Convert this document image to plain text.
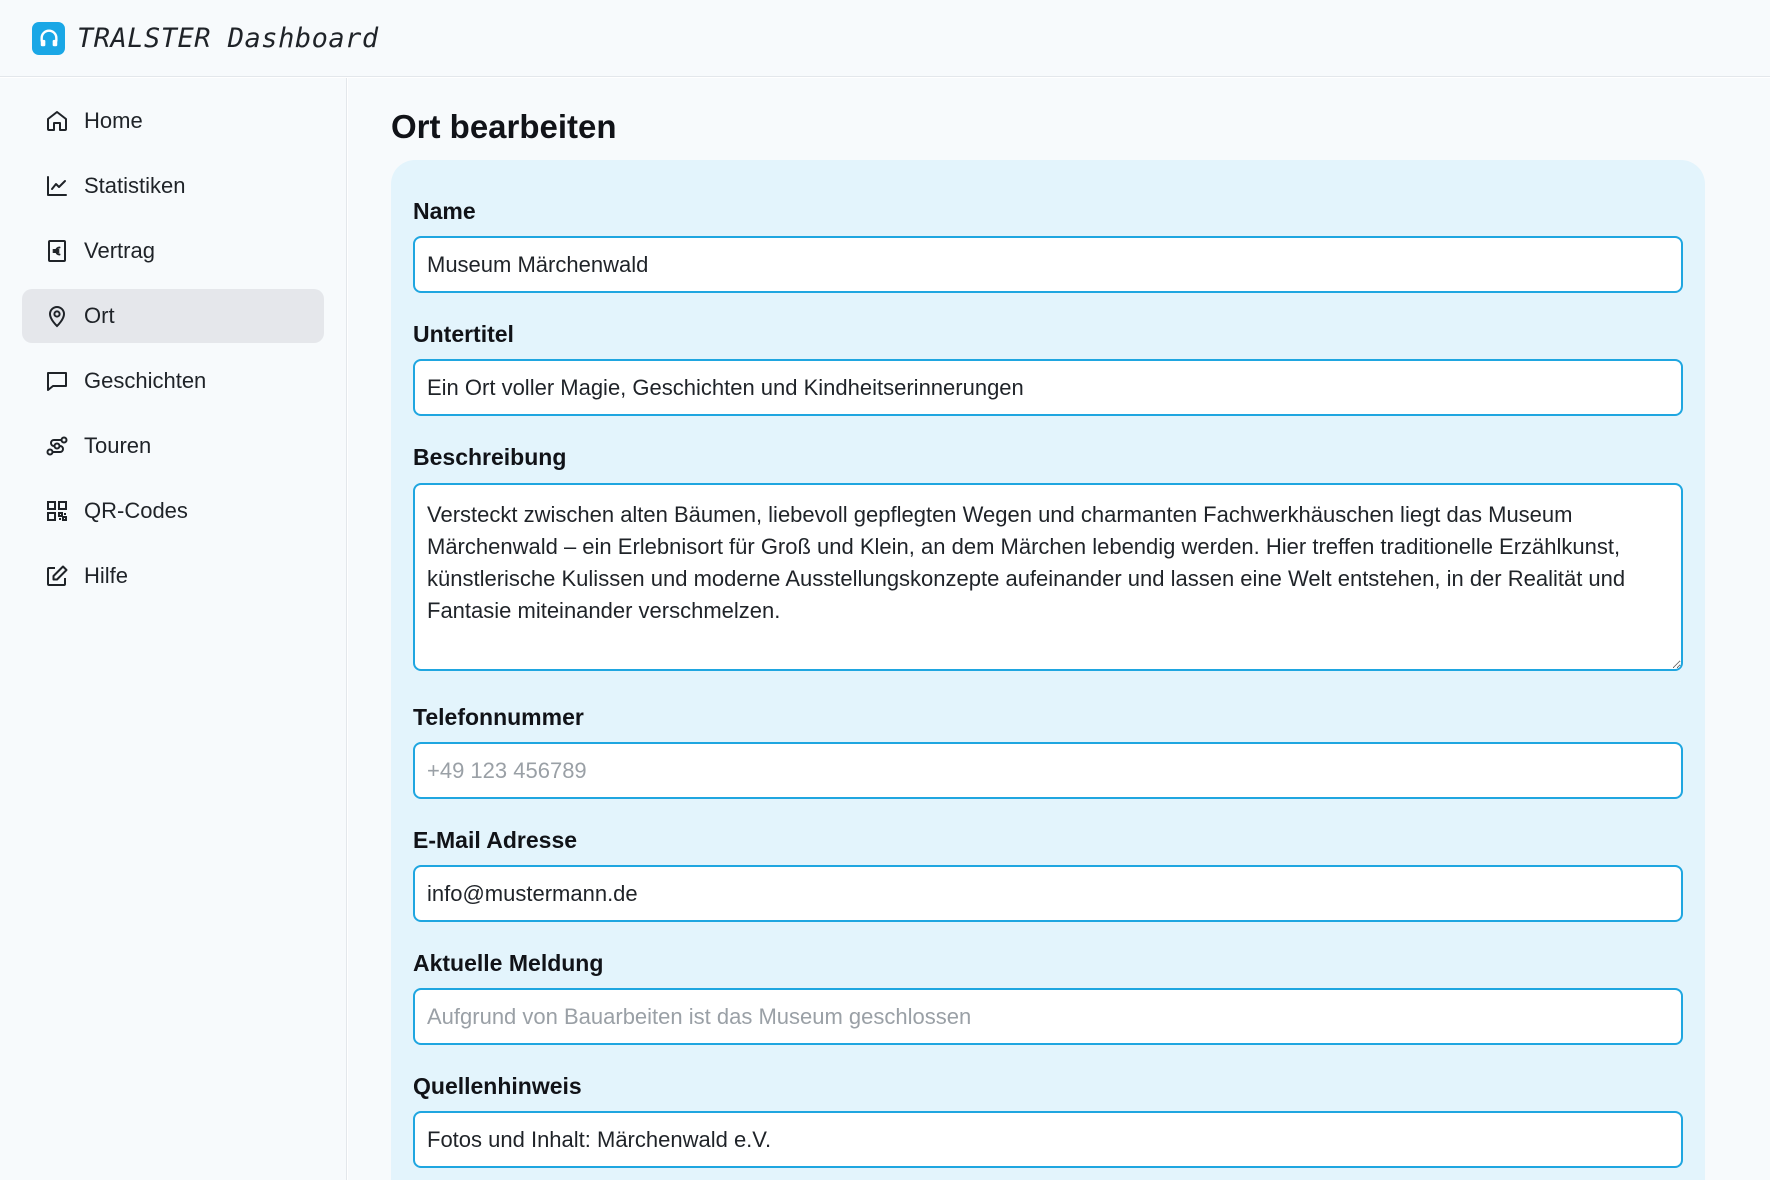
TRALSTER Dashboard
Home
Statistiken
Vertrag
Ort
Geschichten
Touren
QR-Codes
Hilfe
Ort bearbeiten
Name
Museum Märchenwald
Untertitel
Ein Ort voller Magie, Geschichten und Kindheitserinnerungen
Beschreibung
Versteckt zwischen alten Bäumen, liebevoll gepflegten Wegen und charmanten Fachwerkhäuschen liegt das Museum Märchenwald – ein Erlebnisort für Groß und Klein, an dem Märchen lebendig werden. Hier treffen traditionelle Erzählkunst, künstlerische Kulissen und moderne Ausstellungskonzepte aufeinander und lassen eine Welt entstehen, in der Realität und Fantasie miteinander verschmelzen.
Telefonnummer
+49 123 456789
E-Mail Adresse
info@mustermann.de
Aktuelle Meldung
Aufgrund von Bauarbeiten ist das Museum geschlossen
Quellenhinweis
Fotos und Inhalt: Märchenwald e.V.
